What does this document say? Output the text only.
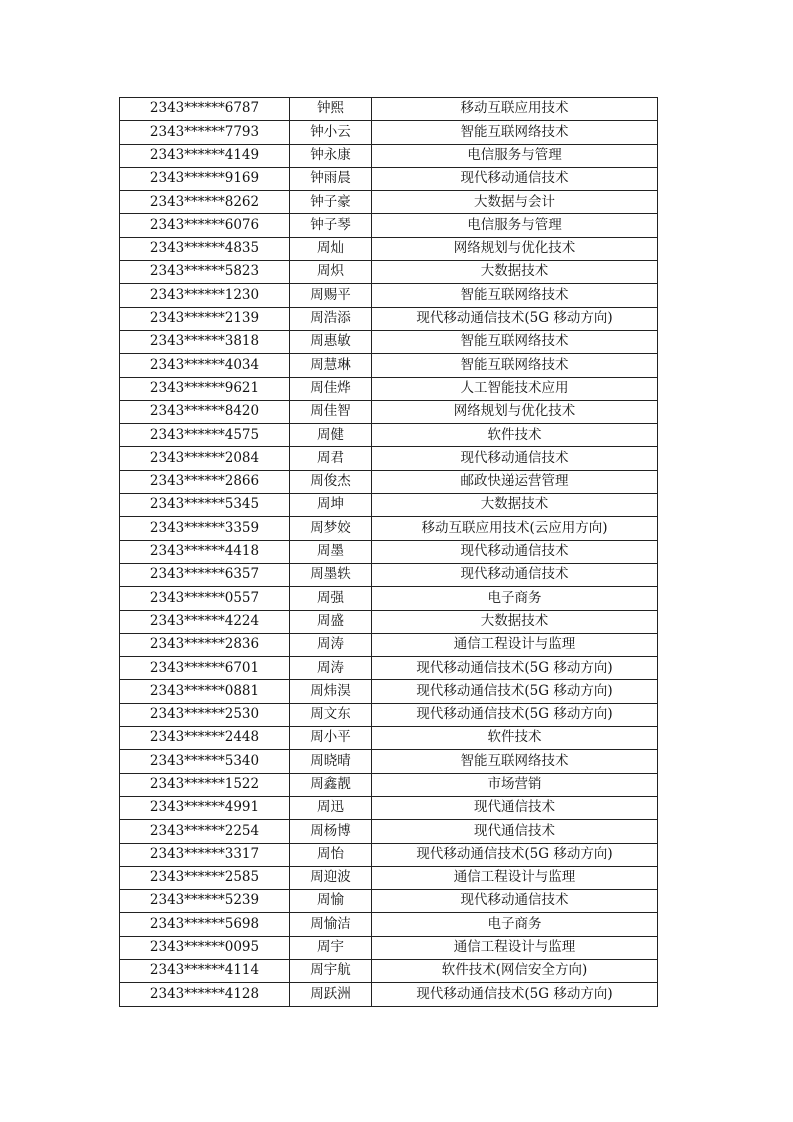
2343******6787	钟熙	移动互联应用技术
2343******7793	钟小云	智能互联网络技术
2343******4149	钟永康	电信服务与管理
2343******9169	钟雨晨	现代移动通信技术
2343******8262	钟子豪	大数据与会计
2343******6076	钟子琴	电信服务与管理
2343******4835	周灿	网络规划与优化技术
2343******5823	周炽	大数据技术
2343******1230	周赐平	智能互联网络技术
2343******2139	周浩添	现代移动通信技术(5G 移动方向)
2343******3818	周惠敏	智能互联网络技术
2343******4034	周慧琳	智能互联网络技术
2343******9621	周佳烨	人工智能技术应用
2343******8420	周佳智	网络规划与优化技术
2343******4575	周健	软件技术
2343******2084	周君	现代移动通信技术
2343******2866	周俊杰	邮政快递运营管理
2343******5345	周坤	大数据技术
2343******3359	周梦姣	移动互联应用技术(云应用方向)
2343******4418	周墨	现代移动通信技术
2343******6357	周墨轶	现代移动通信技术
2343******0557	周强	电子商务
2343******4224	周盛	大数据技术
2343******2836	周涛	通信工程设计与监理
2343******6701	周涛	现代移动通信技术(5G 移动方向)
2343******0881	周炜淏	现代移动通信技术(5G 移动方向)
2343******2530	周文东	现代移动通信技术(5G 移动方向)
2343******2448	周小平	软件技术
2343******5340	周晓晴	智能互联网络技术
2343******1522	周鑫靓	市场营销
2343******4991	周迅	现代通信技术
2343******2254	周杨博	现代通信技术
2343******3317	周怡	现代移动通信技术(5G 移动方向)
2343******2585	周迎波	通信工程设计与监理
2343******5239	周愉	现代移动通信技术
2343******5698	周愉洁	电子商务
2343******0095	周宇	通信工程设计与监理
2343******4114	周宇航	软件技术(网信安全方向)
2343******4128	周跃洲	现代移动通信技术(5G 移动方向)
